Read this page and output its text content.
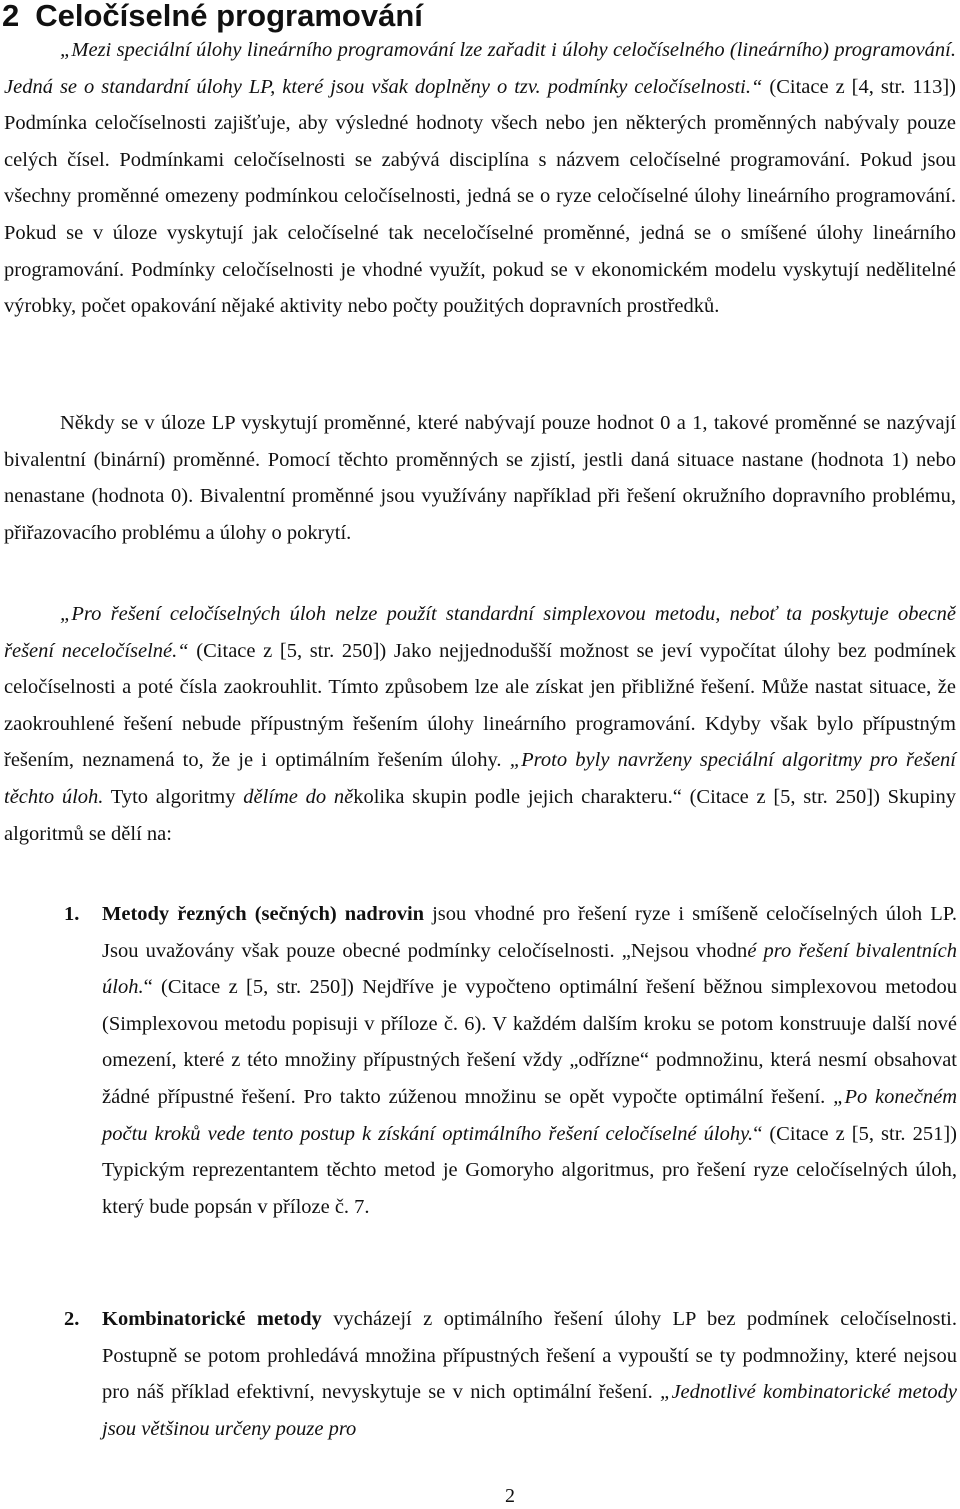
2 Celočíselné programování

„Mezi speciální úlohy lineárního programování lze zařadit i úlohy celočíselného (lineárního) programování. Jedná se o standardní úlohy LP, které jsou však doplněny o tzv. podmínky celočíselnosti.“ (Citace z [4, str. 113]) Podmínka celočíselnosti zajišťuje, aby výsledné hodnoty všech nebo jen některých proměnných nabývaly pouze celých čísel. Podmínkami celočíselnosti se zabývá disciplína s názvem celočíselné programování. Pokud jsou všechny proměnné omezeny podmínkou celočíselnosti, jedná se o ryze celočíselné úlohy lineárního programování. Pokud se v úloze vyskytují jak celočíselné tak neceločíselné proměnné, jedná se o smíšené úlohy lineárního programování. Podmínky celočíselnosti je vhodné využít, pokud se v ekonomickém modelu vyskytují nedělitelné výrobky, počet opakování nějaké aktivity nebo počty použitých dopravních prostředků.

Někdy se v úloze LP vyskytují proměnné, které nabývají pouze hodnot 0 a 1, takové proměnné se nazývají bivalentní (binární) proměnné. Pomocí těchto proměnných se zjistí, jestli daná situace nastane (hodnota 1) nebo nenastane (hodnota 0). Bivalentní proměnné jsou využívány například při řešení okružního dopravního problému, přiřazovacího problému a úlohy o pokrytí.

„Pro řešení celočíselných úloh nelze použít standardní simplexovou metodu, neboť ta poskytuje obecně řešení neceločíselné.“ (Citace z [5, str. 250]) Jako nejjednodušší možnost se jeví vypočítat úlohy bez podmínek celočíselnosti a poté čísla zaokrouhlit. Tímto způsobem lze ale získat jen přibližné řešení. Může nastat situace, že zaokrouhlené řešení nebude přípustným řešením úlohy lineárního programování. Kdyby však bylo přípustným řešením, neznamená to, že je i optimálním řešením úlohy. „Proto byly navrženy speciální algoritmy pro řešení těchto úloh. Tyto algoritmy dělíme do několika skupin podle jejich charakteru.“ (Citace z [5, str. 250]) Skupiny algoritmů se dělí na:

1. Metody řezných (sečných) nadrovin jsou vhodné pro řešení ryze i smíšeně celočíselných úloh LP. Jsou uvažovány však pouze obecné podmínky celočíselnosti. „Nejsou vhodné pro řešení bivalentních úloh.“ (Citace z [5, str. 250]) Nejdříve je vypočteno optimální řešení běžnou simplexovou metodou (Simplexovou metodu popisuji v příloze č. 6). V každém dalším kroku se potom konstruuje další nové omezení, které z této množiny přípustných řešení vždy „odřízne“ podmnožinu, která nesmí obsahovat žádné přípustné řešení. Pro takto zúženou množinu se opět vypočte optimální řešení. „Po konečném počtu kroků vede tento postup k získání optimálního řešení celočíselné úlohy.“ (Citace z [5, str. 251]) Typickým reprezentantem těchto metod je Gomoryho algoritmus, pro řešení ryze celočíselných úloh, který bude popsán v příloze č. 7.
2. Kombinatorické metody vycházejí z optimálního řešení úlohy LP bez podmínek celočíselnosti. Postupně se potom prohledává množina přípustných řešení a vypouští se ty podmnožiny, které nejsou pro náš příklad efektivní, nevyskytuje se v nich optimální řešení. „Jednotlivé kombinatorické metody jsou většinou určeny pouze pro
2
